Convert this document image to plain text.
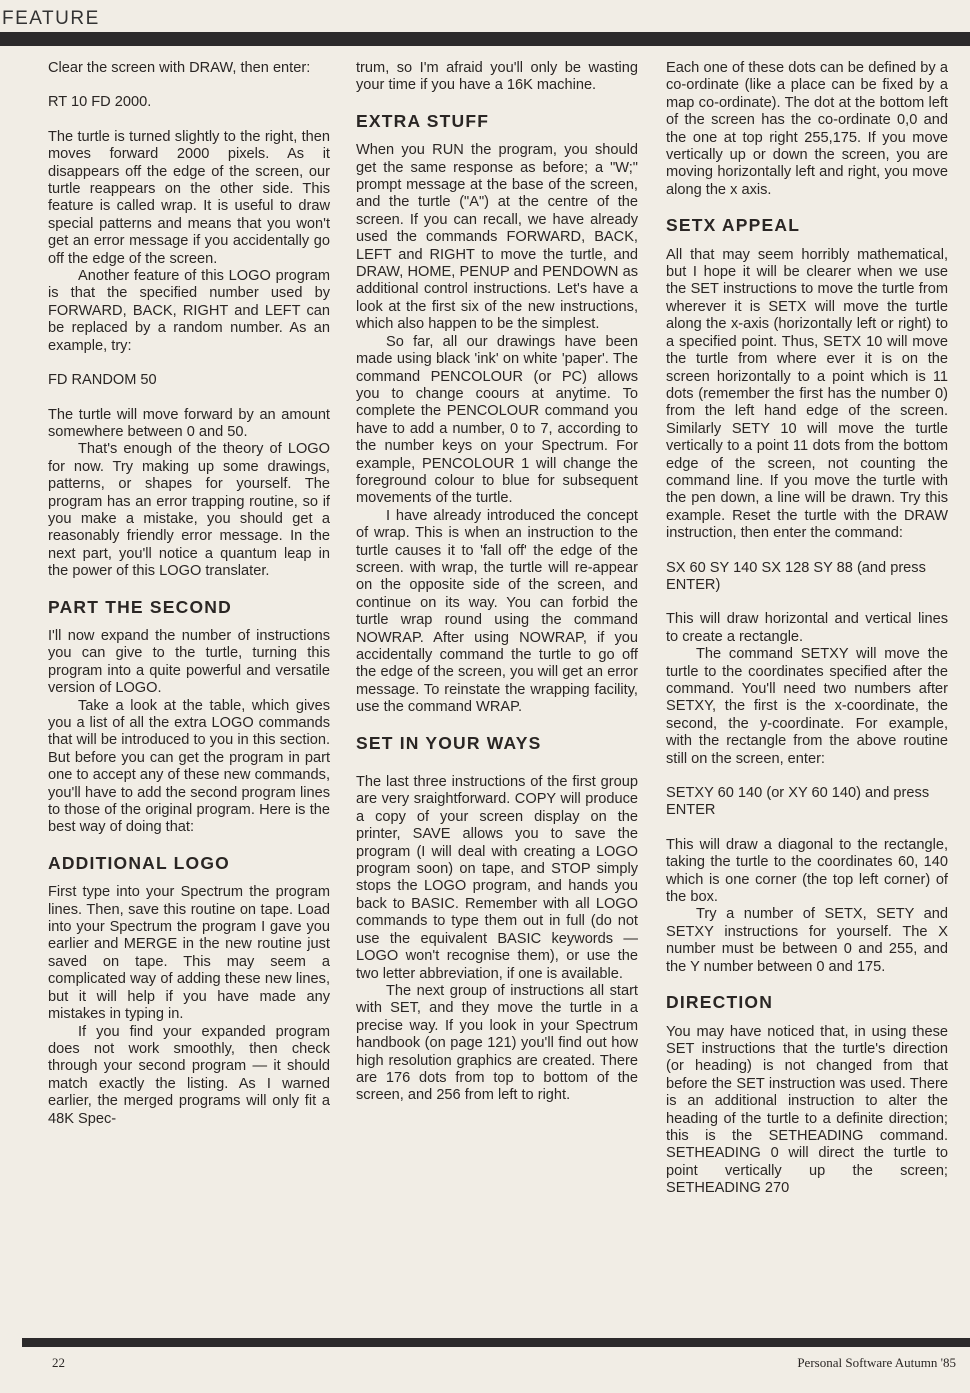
FEATURE

Clear the screen with DRAW, then enter:

RT 10 FD 2000.

The turtle is turned slightly to the right, then moves forward 2000 pixels. As it disappears off the edge of the screen, our turtle reappears on the other side. This feature is called wrap. It is useful to draw special patterns and means that you won't get an error message if you accidentally go off the edge of the screen.

Another feature of this LOGO program is that the specified number used by FORWARD, BACK, RIGHT and LEFT can be replaced by a random number. As an example, try:

FD RANDOM 50

The turtle will move forward by an amount somewhere between 0 and 50.

That's enough of the theory of LOGO for now. Try making up some drawings, patterns, or shapes for yourself. The program has an error trapping routine, so if you make a mistake, you should get a reasonably friendly error message. In the next part, you'll notice a quantum leap in the power of this LOGO translater.

PART THE SECOND

I'll now expand the number of instructions you can give to the turtle, turning this program into a quite powerful and versatile version of LOGO.

Take a look at the table, which gives you a list of all the extra LOGO commands that will be introduced to you in this section. But before you can get the program in part one to accept any of these new commands, you'll have to add the second program lines to those of the original program. Here is the best way of doing that:

ADDITIONAL LOGO

First type into your Spectrum the program lines. Then, save this routine on tape. Load into your Spectrum the program I gave you earlier and MERGE in the new routine just saved on tape. This may seem a complicated way of adding these new lines, but it will help if you have made any mistakes in typing in.

If you find your expanded program does not work smoothly, then check through your second program — it should match exactly the listing. As I warned earlier, the merged programs will only fit a 48K Spec-

trum, so I'm afraid you'll only be wasting your time if you have a 16K machine.

EXTRA STUFF

When you RUN the program, you should get the same response as before; a "W;" prompt message at the base of the screen, and the turtle ("A") at the centre of the screen. If you can recall, we have already used the commands FORWARD, BACK, LEFT and RIGHT to move the turtle, and DRAW, HOME, PENUP and PENDOWN as additional control instructions. Let's have a look at the first six of the new instructions, which also happen to be the simplest.

So far, all our drawings have been made using black 'ink' on white 'paper'. The command PENCOLOUR (or PC) allows you to change coours at anytime. To complete the PENCOLOUR command you have to add a number, 0 to 7, according to the number keys on your Spectrum. For example, PENCOLOUR 1 will change the foreground colour to blue for subsequent movements of the turtle.

I have already introduced the concept of wrap. This is when an instruction to the turtle causes it to 'fall off' the edge of the screen. with wrap, the turtle will re-appear on the opposite side of the screen, and continue on its way. You can forbid the turtle wrap round using the command NOWRAP. After using NOWRAP, if you accidentally command the turtle to go off the edge of the screen, you will get an error message. To reinstate the wrapping facility, use the command WRAP.

SET IN YOUR WAYS

The last three instructions of the first group are very sraightforward. COPY will produce a copy of your screen display on the printer, SAVE allows you to save the program (I will deal with creating a LOGO program soon) on tape, and STOP simply stops the LOGO program, and hands you back to BASIC. Remember with all LOGO commands to type them out in full (do not use the equivalent BASIC keywords — LOGO won't recognise them), or use the two letter abbreviation, if one is available.

The next group of instructions all start with SET, and they move the turtle in a precise way. If you look in your Spectrum handbook (on page 121) you'll find out how high resolution graphics are created. There are 176 dots from top to bottom of the screen, and 256 from left to right.

Each one of these dots can be defined by a co-ordinate (like a place can be fixed by a map co-ordinate). The dot at the bottom left of the screen has the co-ordinate 0,0 and the one at top right 255,175. If you move vertically up or down the screen, you are moving horizontally left and right, you move along the x axis.

SETX APPEAL

All that may seem horribly mathematical, but I hope it will be clearer when we use the SET instructions to move the turtle from wherever it is SETX will move the turtle along the x-axis (horizontally left or right) to a specified point. Thus, SETX 10 will move the turtle from where ever it is on the screen horizontally to a point which is 11 dots (remember the first has the number 0) from the left hand edge of the screen. Similarly SETY 10 will move the turtle vertically to a point 11 dots from the bottom edge of the screen, not counting the command line. If you move the turtle with the pen down, a line will be drawn. Try this example. Reset the turtle with the DRAW instruction, then enter the command:

SX 60 SY 140 SX 128 SY 88 (and press ENTER)

This will draw horizontal and vertical lines to create a rectangle.

The command SETXY will move the turtle to the coordinates specified after the command. You'll need two numbers after SETXY, the first is the x-coordinate, the second, the y-coordinate. For example, with the rectangle from the above routine still on the screen, enter:

SETXY 60 140 (or XY 60 140) and press ENTER

This will draw a diagonal to the rectangle, taking the turtle to the coordinates 60, 140 which is one corner (the top left corner) of the box.

Try a number of SETX, SETY and SETXY instructions for yourself. The X number must be between 0 and 255, and the Y number between 0 and 175.

DIRECTION

You may have noticed that, in using these SET instructions that the turtle's direction (or heading) is not changed from that before the SET instruction was used. There is an additional instruction to alter the heading of the turtle to a definite direction; this is the SETHEADING command. SETHEADING 0 will direct the turtle to point vertically up the screen; SETHEADING 270

22	Personal Software Autumn '85
